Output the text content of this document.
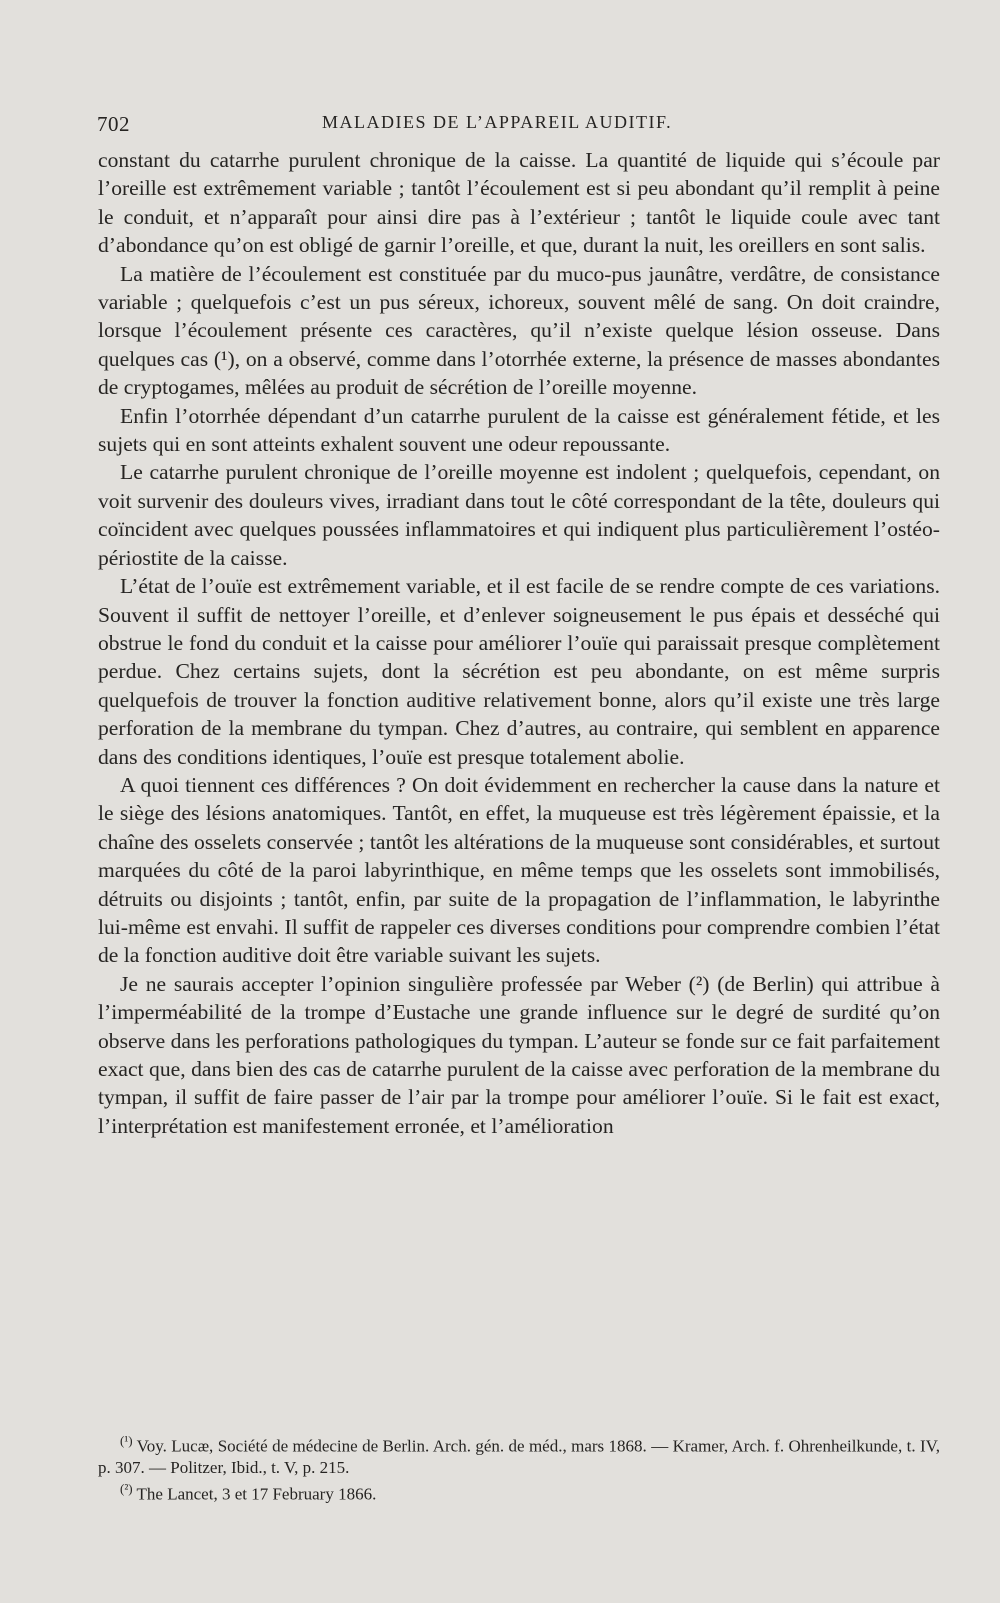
702	MALADIES DE L’APPAREIL AUDITIF.

constant du catarrhe purulent chronique de la caisse. La quantité de liquide qui s’écoule par l’oreille est extrêmement variable ; tantôt l’écoulement est si peu abondant qu’il remplit à peine le conduit, et n’apparaît pour ainsi dire pas à l’extérieur ; tantôt le liquide coule avec tant d’abondance qu’on est obligé de garnir l’oreille, et que, durant la nuit, les oreillers en sont salis.

La matière de l’écoulement est constituée par du muco-pus jaunâtre, verdâtre, de consistance variable ; quelquefois c’est un pus séreux, ichoreux, souvent mêlé de sang. On doit craindre, lorsque l’écoulement présente ces caractères, qu’il n’existe quelque lésion osseuse. Dans quelques cas (¹), on a observé, comme dans l’otorrhée externe, la présence de masses abondantes de cryptogames, mêlées au produit de sécrétion de l’oreille moyenne.

Enfin l’otorrhée dépendant d’un catarrhe purulent de la caisse est généralement fétide, et les sujets qui en sont atteints exhalent souvent une odeur repoussante.

Le catarrhe purulent chronique de l’oreille moyenne est indolent ; quelquefois, cependant, on voit survenir des douleurs vives, irradiant dans tout le côté correspondant de la tête, douleurs qui coïncident avec quelques poussées inflammatoires et qui indiquent plus particulièrement l’ostéo-périostite de la caisse.

L’état de l’ouïe est extrêmement variable, et il est facile de se rendre compte de ces variations. Souvent il suffit de nettoyer l’oreille, et d’enlever soigneusement le pus épais et desséché qui obstrue le fond du conduit et la caisse pour améliorer l’ouïe qui paraissait presque complètement perdue. Chez certains sujets, dont la sécrétion est peu abondante, on est même surpris quelquefois de trouver la fonction auditive relativement bonne, alors qu’il existe une très large perforation de la membrane du tympan. Chez d’autres, au contraire, qui semblent en apparence dans des conditions identiques, l’ouïe est presque totalement abolie.

A quoi tiennent ces différences ? On doit évidemment en rechercher la cause dans la nature et le siège des lésions anatomiques. Tantôt, en effet, la muqueuse est très légèrement épaissie, et la chaîne des osselets conservée ; tantôt les altérations de la muqueuse sont considérables, et surtout marquées du côté de la paroi labyrinthique, en même temps que les osselets sont immobilisés, détruits ou disjoints ; tantôt, enfin, par suite de la propagation de l’inflammation, le labyrinthe lui-même est envahi. Il suffit de rappeler ces diverses conditions pour comprendre combien l’état de la fonction auditive doit être variable suivant les sujets.

Je ne saurais accepter l’opinion singulière professée par Weber (²) (de Berlin) qui attribue à l’imperméabilité de la trompe d’Eustache une grande influence sur le degré de surdité qu’on observe dans les perforations pathologiques du tympan. L’auteur se fonde sur ce fait parfaitement exact que, dans bien des cas de catarrhe purulent de la caisse avec perforation de la membrane du tympan, il suffit de faire passer de l’air par la trompe pour améliorer l’ouïe. Si le fait est exact, l’interprétation est manifestement erronée, et l’amélioration

$^{(^1)}$ Voy. Lucæ, Société de médecine de Berlin. Arch. gén. de méd., mars 1868. — Kramer, Arch. f. Ohrenheilkunde, t. IV, p. 307. — Politzer, Ibid., t. V, p. 215.

$^{(^2)}$ The Lancet, 3 et 17 February 1866.
